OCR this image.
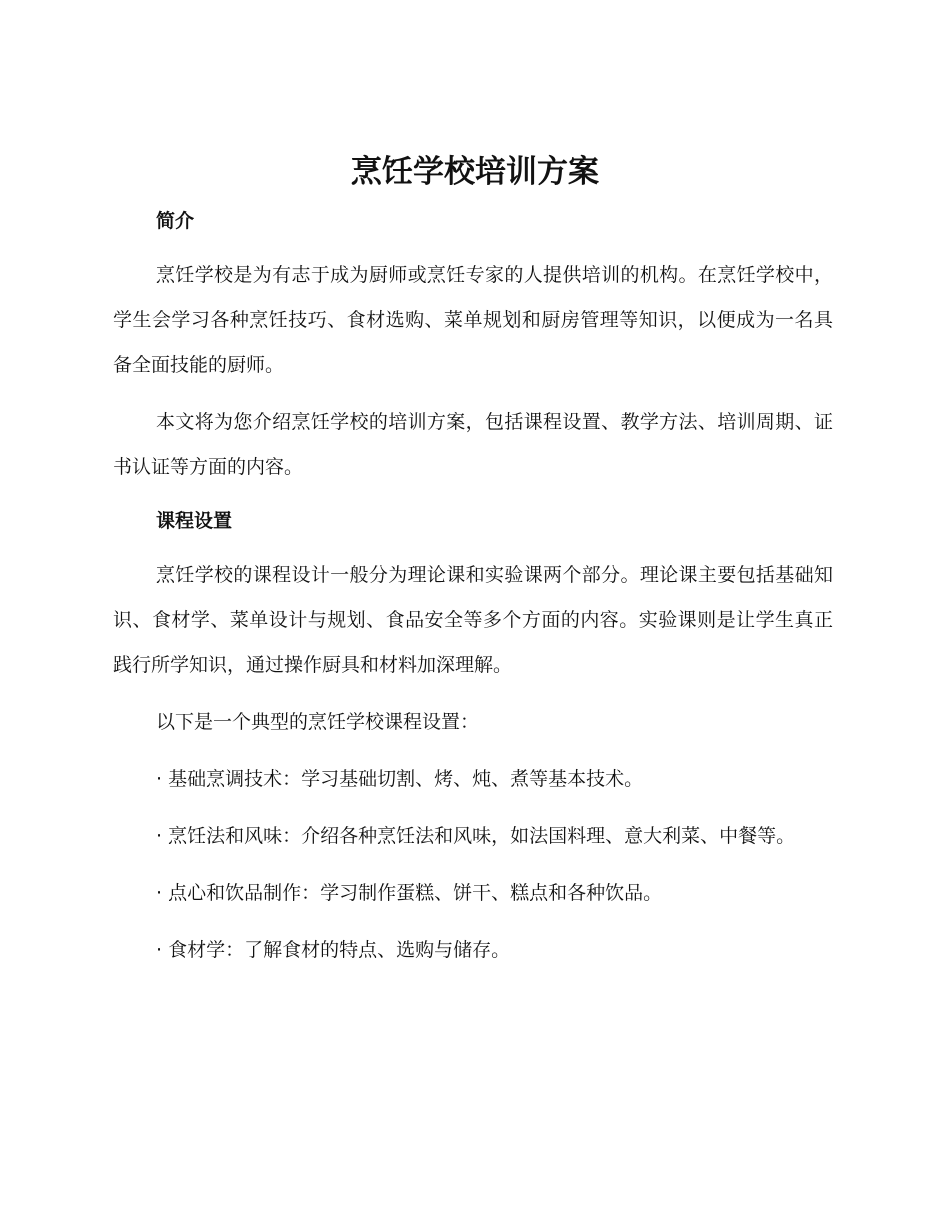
烹饪学校培训方案
简介

烹饪学校是为有志于成为厨师或烹饪专家的人提供培训的机构。在烹饪学校中，学生会学习各种烹饪技巧、食材选购、菜单规划和厨房管理等知识，以便成为一名具备全面技能的厨师。

本文将为您介绍烹饪学校的培训方案，包括课程设置、教学方法、培训周期、证书认证等方面的内容。

课程设置

烹饪学校的课程设计一般分为理论课和实验课两个部分。理论课主要包括基础知识、食材学、菜单设计与规划、食品安全等多个方面的内容。实验课则是让学生真正践行所学知识，通过操作厨具和材料加深理解。

以下是一个典型的烹饪学校课程设置：

· 基础烹调技术：学习基础切割、烤、炖、煮等基本技术。

· 烹饪法和风味：介绍各种烹饪法和风味，如法国料理、意大利菜、中餐等。

· 点心和饮品制作：学习制作蛋糕、饼干、糕点和各种饮品。

· 食材学：了解食材的特点、选购与储存。
